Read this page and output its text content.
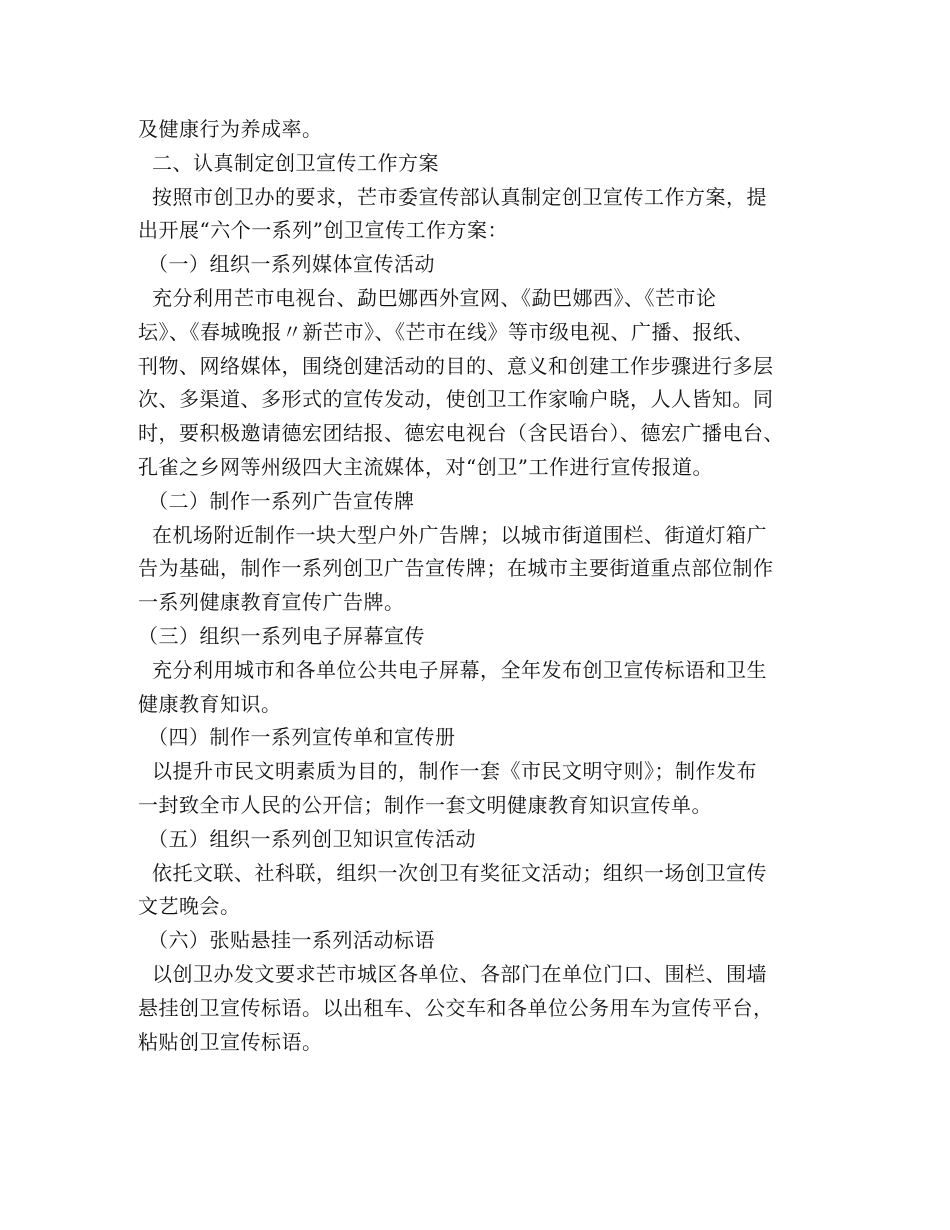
及健康行为养成率。
二、认真制定创卫宣传工作方案
按照市创卫办的要求，芒市委宣传部认真制定创卫宣传工作方案，提
出开展“六个一系列”创卫宣传工作方案：
（一）组织一系列媒体宣传活动
充分利用芒市电视台、勐巴娜西外宣网、《勐巴娜西》、《芒市论
坛》、《春城晚报〃新芒市》、《芒市在线》等市级电视、广播、报纸、
刊物、网络媒体，围绕创建活动的目的、意义和创建工作步骤进行多层
次、多渠道、多形式的宣传发动，使创卫工作家喻户晓，人人皆知。同
时，要积极邀请德宏团结报、德宏电视台（含民语台）、德宏广播电台、
孔雀之乡网等州级四大主流媒体，对“创卫”工作进行宣传报道。
（二）制作一系列广告宣传牌
在机场附近制作一块大型户外广告牌；以城市街道围栏、街道灯箱广
告为基础，制作一系列创卫广告宣传牌；在城市主要街道重点部位制作
一系列健康教育宣传广告牌。
（三）组织一系列电子屏幕宣传
充分利用城市和各单位公共电子屏幕，全年发布创卫宣传标语和卫生
健康教育知识。
（四）制作一系列宣传单和宣传册
以提升市民文明素质为目的，制作一套《市民文明守则》；制作发布
一封致全市人民的公开信；制作一套文明健康教育知识宣传单。
（五）组织一系列创卫知识宣传活动
依托文联、社科联，组织一次创卫有奖征文活动；组织一场创卫宣传
文艺晚会。
（六）张贴悬挂一系列活动标语
以创卫办发文要求芒市城区各单位、各部门在单位门口、围栏、围墙
悬挂创卫宣传标语。以出租车、公交车和各单位公务用车为宣传平台，
粘贴创卫宣传标语。
